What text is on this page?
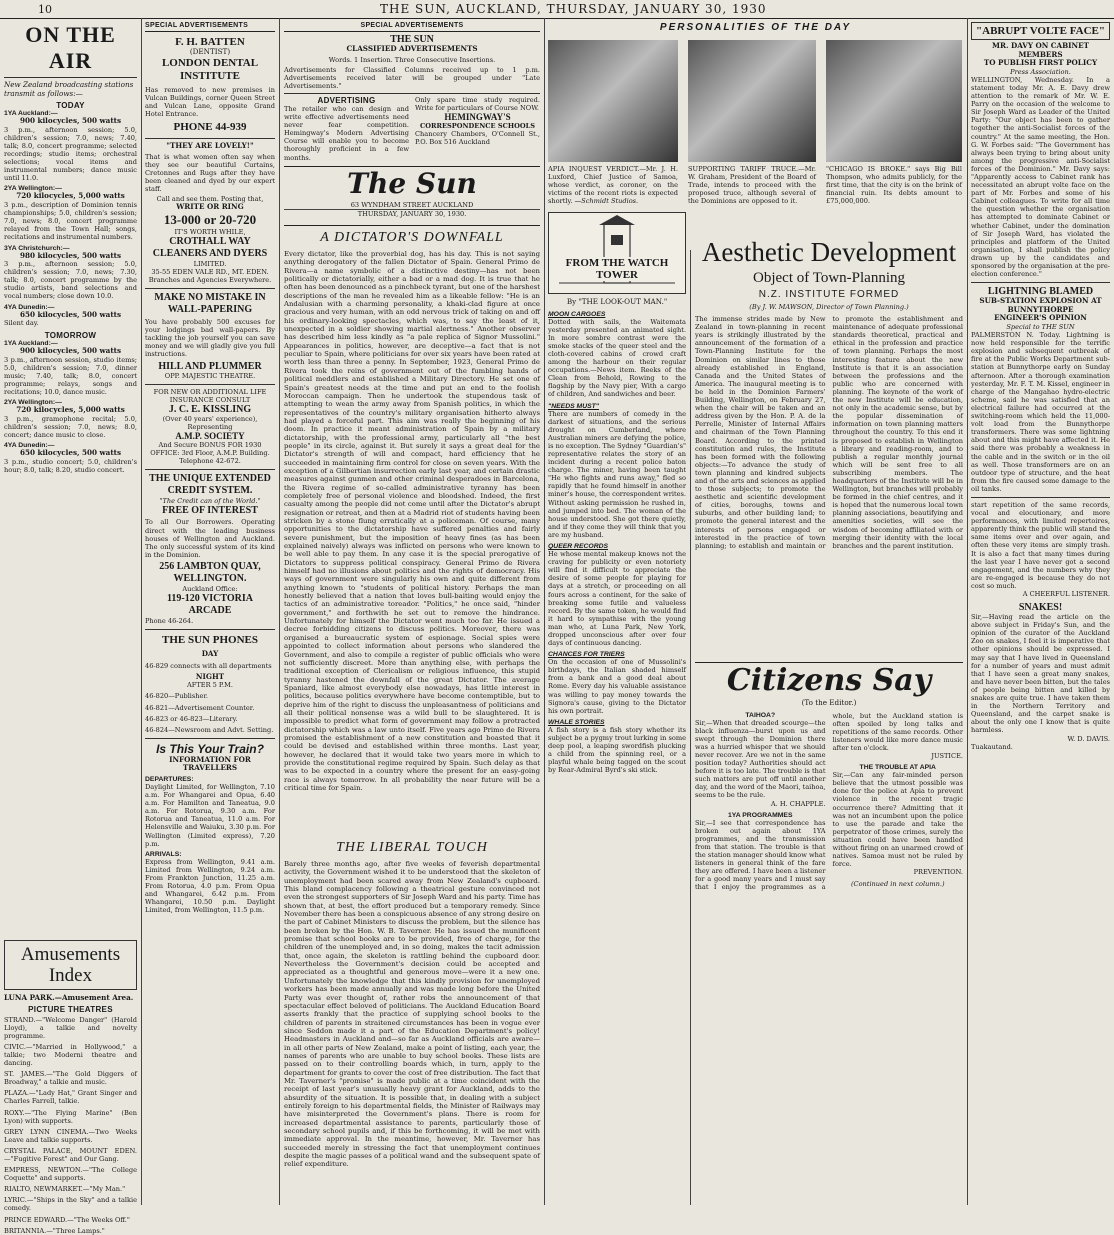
10	THE SUN, AUCKLAND, THURSDAY, JANUARY 30, 1930
ON THE AIR
New Zealand broadcasting stations transmit as follows:—
TODAY
1YA Auckland:—
900 kilocycles, 500 watts
3 p.m., afternoon session; 5.0, children's session; 7.0, news; 7.40, talk; 8.0, concert programme; selected recordings; studio items; orchestral selections; vocal items and instrumental numbers; dance music until 11.0.
2YA Wellington:—
720 kilocycles, 5,000 watts
3 p.m., description of Dominion tennis championships; 5.0, children's session; 7.0, news; 8.0, concert programme relayed from the Town Hall; songs, recitations and instrumental numbers.
3YA Christchurch:—
980 kilocycles, 500 watts
3 p.m., afternoon session; 5.0, children's session; 7.0, news; 7.30, talk; 8.0, concert programme by the studio artists, band selections and vocal numbers; close down 10.0.
4YA Dunedin:—
650 kilocycles, 500 watts
Silent day.
TOMORROW
1YA Auckland:—
900 kilocycles, 500 watts
3 p.m., afternoon session, studio items; 5.0, children's session; 7.0, dinner music; 7.40, talk; 8.0, concert programme; relays, songs and recitations; 10.0, dance music.
2YA Wellington:—
720 kilocycles, 5,000 watts
3 p.m., gramophone recital; 5.0, children's session; 7.0, news; 8.0, concert; dance music to close.
4YA Dunedin:—
650 kilocycles, 500 watts
3 p.m., studio concert; 5.0, children's hour; 8.0, talk; 8.20, studio concert.
Amusements Index
LUNA PARK.—Amusement Area.
PICTURE THEATRES
STRAND.—"Welcome Danger" (Harold Lloyd), a talkie and novelty programme.
CIVIC.—"Married in Hollywood," a talkie; two Moderni theatre and dancing.
ST. JAMES.—"The Gold Diggers of Broadway," a talkie and music.
PLAZA.—"Lady Hat," Grant Singer and Charles Farrell, talkie.
ROXY.—"The Flying Marine" (Ben Lyon) with supports.
GREY LYNN CINEMA.—Two Weeks Leave and talkie supports.
CRYSTAL PALACE, MOUNT EDEN.—"Fugitive Forest" and Our Gang.
EMPRESS, NEWTON.—"The College Coquette" and supports.
RIALTO, NEWMARKET.—"My Man."
LYRIC.—"Ships in the Sky" and a talkie comedy.
PRINCE EDWARD.—"The Weeks Off."
BRITANNIA.—"Three Lamps."
SPECIAL ADVERTISEMENTS
F. H. BATTEN
(DENTIST)
LONDON DENTAL INSTITUTE
Has removed to new premises in Vulcan Buildings, corner Queen Street and Vulcan Lane, opposite Grand Hotel Entrance.
PHONE 44-939
"THEY ARE LOVELY!"
That is what women often say when they see our beautiful Curtains, Cretonnes and Rugs after they have been cleaned and dyed by our expert staff.
Call and see them. Posting that,
WRITE OR RING
13-000 or 20-720
IT'S WORTH WHILE,
CROTHALL WAY CLEANERS AND DYERS
LIMITED.
35-55 EDEN VALE RD., MT. EDEN. Branches and Agencies Everywhere.
MAKE NO MISTAKE IN WALL-PAPERING
You have probably 500 excuses for your lodgings bad wall-papers. By tackling the job yourself you can save money and we will gladly give you full instructions.
HILL AND PLUMMER
OPP. MAJESTIC THEATRE.
FOR NEW OR ADDITIONAL LIFE INSURANCE CONSULT
J. C. E. KISSLING
(Over 40 years' experience), Representing
A.M.P. SOCIETY
And Secure BONUS FOR 1930
OFFICE: 3rd Floor, A.M.P. Building. Telephone 42-672.
THE UNIQUE EXTENDED CREDIT SYSTEM.
"The Credit can of the World."
FREE OF INTEREST
To all Our Borrowers. Operating direct with the leading business houses of Wellington and Auckland. The only successful system of its kind in the Dominion.
256 LAMBTON QUAY, WELLINGTON.
Auckland Office:
119-120 VICTORIA ARCADE
Phone 46-264.
THE SUN PHONES
DAY
46-829 connects with all departments
NIGHT
AFTER 5 P.M.
46-820—Publisher.
46-821—Advertisement Counter.
46-823 or 46-823—Literary.
46-824—Newsroom and Advt. Setting.
Is This Your Train?
INFORMATION FOR TRAVELLERS
DEPARTURES:
Daylight Limited, for Wellington, 7.10 a.m. For Whangarei and Opua, 6.40 a.m. For Hamilton and Taneatua, 9.0 a.m. For Rotorua, 9.30 a.m. For Rotorua and Taneatua, 11.0 a.m. For Helensville and Waiuku, 3.30 p.m. For Wellington (Limited express), 7.20 p.m.
ARRIVALS:
Express from Wellington, 9.41 a.m. Limited from Wellington, 9.24 a.m. From Frankton Junction, 11.25 a.m. From Rotorua, 4.0 p.m. From Opua and Whangarei, 6.42 p.m. From Whangarei, 10.50 p.m. Daylight Limited, from Wellington, 11.5 p.m.
SPECIAL ADVERTISEMENTS
THE SUN
CLASSIFIED ADVERTISEMENTS
Words. 1 Insertion. Three Consecutive Insertions.
Advertisements for Classified Columns received up to 1 p.m. Advertisements received later will be grouped under "Late Advertisements."
ADVERTISING
The retailer who can design and write effective advertisements need never fear competition. Hemingway's Modern Advertising Course will enable you to become thoroughly proficient in a few months.
Only spare time study required. Write for particulars of Course NOW.
HEMINGWAY'S
CORRESPONDENCE SCHOOLS
Chancery Chambers, O'Connell St., P.O. Box 516 Auckland
The Sun
63 WYNDHAM STREET AUCKLAND
THURSDAY, JANUARY 30, 1930.
A DICTATOR'S DOWNFALL
Every dictator, like the proverbial dog, has his day. This is not saying anything derogatory of the fallen Dictator of Spain. General Primo de Rivera—a name symbolic of a distinctive destiny—has not been politically or dictatorially, either a bad or a mad dog. It is true that he often has been denounced as a pinchbeck tyrant, but one of the harshest descriptions of the man he revealed him as a likeable fellow: "He is an Andalusian with a charming personality, a khaki-clad figure at once gracious and very human, with an odd nervous trick of taking on and off his ordinary-looking spectacles, which was, to say the least of it, unexpected in a soldier showing martial alertness." Another observer has described him less kindly as "a pale replica of Signor Mussolini." Appearances in politics, however, are deceptive—a fact that is not peculiar to Spain, where politicians for over six years have been rated at worth less than three a penny. In September, 1923, General Primo de Rivera took the reins of government out of the fumbling hands of political meddlers and established a Military Directory. He set one of Spain's greatest needs at the time and put an end to the foolish Moroccan campaign. Then he undertook the stupendous task of attempting to wean the army away from Spanish politics, in which the representatives of the country's military organisation hitherto always had played a forceful part. This aim was really the beginning of his doom. In practice it meant administration of Spain by a military dictatorship, with the professional army, particularly all "the best people" in its circle, against it. But surely it says a great deal for the Dictator's strength of will and compact, hard efficiency that he succeeded in maintaining firm control for close on seven years. With the exception of a Gilbertian insurrection early last year, and certain drastic measures against gunmen and other criminal desperadoes in Barcelona, the Rivera regime of so-called administrative tyranny has been completely free of personal violence and bloodshed. Indeed, the first casualty among the people did not come until after the Dictator's abrupt resignation or retreat, and then at a Madrid riot of students having been stricken by a stone flung erratically at a policeman. Of course, many opportunities to the dictatorship have suffered penalties and fairly severe punishment, but the imposition of heavy fines (as has been explained naively) always was inflicted on persons who were known to be well able to pay them. In any case it is the special prerogative of Dictators to suppress political conspiracy. General Primo de Rivera himself had no illusions about politics and the rights of democracy. His ways of government were singularly his own and quite different from anything known to "students of political history. Perhaps the man honestly believed that a nation that loves bull-baiting would enjoy the tactics of an administrative toreador. "Politics," he once said, "hinder government," and forthwith he set out to remove the hindrance. Unfortunately for himself the Dictator went much too far. He issued a decree forbidding citizens to discuss politics. Moreover, there was organised a bureaucratic system of espionage. Social spies were appointed to collect information about persons who slandered the Government, and also to compile a register of public officials who were not sufficiently discreet. More than anything else, with perhaps the traditional exception of Clericalism or religious influence, this stupid tyranny hastened the downfall of the great Dictator. The average Spaniard, like almost everybody else nowadays, has little interest in politics, because politics everywhere have become contemptible, but to deprive him of the right to discuss the unpleasantness of politicians and all their political nonsense was a wild bull to be slaughtered. It is impossible to predict what form of government may follow a protracted dictatorship which was a law unto itself. Five years ago Primo de Rivera promised the establishment of a new constitution and boasted that it could be devised and established within three months. Last year, however, he declared that it would take two years more in which to provide the constitutional regime required by Spain. Such delay as that was to be expected in a country where the present for an easy-going race is always tomorrow. In all probability the near future will be a critical time for Spain.
THE LIBERAL TOUCH
Barely three months ago, after five weeks of feverish departmental activity, the Government wished it to be understood that the skeleton of unemployment had been scared away from New Zealand's cupboard. This bland complacency following a theatrical gesture convinced not even the strongest supporters of Sir Joseph Ward and his party. Time has shown that, at best, the effort produced but a temporary remedy. Since November there has been a conspicuous absence of any strong desire on the part of Cabinet Ministers to discuss the problem, but the silence has been broken by the Hon. W. B. Taverner. He has issued the munificent promise that school books are to be provided, free of charge, for the children of the unemployed and, in so doing, makes the tacit admission that, once again, the skeleton is rattling behind the cupboard door. Nevertheless the Government's decision could be accepted and appreciated as a thoughtful and generous move—were it a new one. Unfortunately the knowledge that this kindly provision for unemployed workers has been made annually and was made long before the United Party was ever thought of, rather robs the announcement of that spectacular effect beloved of politicians. The Auckland Education Board asserts frankly that the practice of supplying school books to the children of parents in straitened circumstances has been in vogue ever since Seddon made it a part of the Education Department's policy! Headmasters in Auckland and—so far as Auckland officials are aware—in all other parts of New Zealand, make a point of listing, each year, the names of parents who are unable to buy school books. These lists are passed on to their controlling boards which, in turn, apply to the department for grants to cover the cost of free distribution. The fact that Mr. Taverner's "promise" is made public at a time coincident with the receipt of last year's unusually heavy grant for Auckland, adds to the absurdity of the situation. It is possible that, in dealing with a subject entirely foreign to his departmental fields, the Minister of Railways may have misinterpreted the Government's plans. There is room for increased departmental assistance to parents, particularly those of secondary school pupils and, if this be forthcoming, it will be met with immediate approval. In the meantime, however, Mr. Taverner has succeeded merely in stressing the fact that unemployment continues despite the magic passes of a political wand and the subsequent spate of relief expenditure.
PERSONALITIES OF THE DAY
APIA INQUEST VERDICT.—Mr. J. H. Luxford, Chief Justice of Samoa, whose verdict, as coroner, on the victims of the recent riots is expected shortly. —Schmidt Studios.
SUPPORTING TARIFF TRUCE.—Mr. W. Graham, President of the Board of Trade, intends to proceed with the proposed truce, although several of the Dominions are opposed to it.
"CHICAGO IS BROKE." says Big Bill Thompson, who admits publicly, for the first time, that the city is on the brink of financial ruin. Its debts amount to £75,000,000.
FROM THE WATCH TOWER
By "THE LOOK-OUT MAN."
MOON CARGOES
Dotted with sails, the Waitemata yesterday presented an animated sight. In more sombre contrast were the smoke stacks of the queer steel and the cloth-covered cabins of crowd craft among the harbour on their regular occupations.—News item. Reeks of the Clean from Behold, Rowing to the flagship by the Navy pier, With a cargo of children, And sandwiches and beer.
"NEEDS MUST"
There are numbers of comedy in the darkest of situations, and the serious drought on Cumberland, where Australian miners are defying the police, is no exception. The Sydney "Guardian's" representative relates the story of an incident during a recent police baton charge. The miner, having been taught "He who fights and runs away," fled so rapidly that he found himself in another miner's house, the correspondent writes. Without asking permission he rushed in, and jumped into bed. The woman of the house understood. She got there quietly, and if they come they will think that you are my husband.
QUEER RECORDS
He whose mental makeup knows not the craving for publicity or even notoriety will find it difficult to appreciate the desire of some people for playing for days at a stretch, or proceeding on all fours across a continent, for the sake of breaking some futile and valueless record. By the same token, he would find it hard to sympathise with the young man who, at Luna Park, New York, dropped unconscious after over four days of continuous dancing.
CHANCES FOR TRIERS
On the occasion of one of Mussolini's birthdays, the Italian shaded himself from a bank and a good deal about Rome. Every day his valuable assistance was willing to pay money towards the Signora's cause, giving to the Dictator his own portrait.
WHALE STORIES
A fish story is a fish story whether its subject be a pygmy trout lurking in some deep pool, a leaping swordfish plucking a child from the spinning reel, or a playful whale being tagged on the scout by Rear-Admiral Byrd's ski stick.
Aesthetic Development
Object of Town-Planning
N.Z. INSTITUTE FORMED
(By J. W. MAWSON, Director of Town Planning.)
The immense strides made by New Zealand in town-planning in recent years is strikingly illustrated by the announcement of the formation of a Town-Planning Institute for the Dominion on similar lines to those already established in England, Canada and the United States of America. The inaugural meeting is to be held in the Dominion Farmers' Building, Wellington, on February 27, when the chair will be taken and an address given by the Hon. P. A. de la Perrelle, Minister of Internal Affairs and chairman of the Town Planning Board. According to the printed constitution and rules, the Institute has been formed with the following objects:—To advance the study of town planning and kindred subjects and of the arts and sciences as applied to those subjects; to promote the aesthetic and scientific development of cities, boroughs, towns and suburbs, and other building land; to promote the general interest and the interests of persons engaged or interested in the practice of town planning; to establish and maintain or to promote the establishment and maintenance of adequate professional standards theoretical, practical and ethical in the profession and practice of town planning. Perhaps the most interesting feature about the new Institute is that it is an association between the professions and the public who are concerned with planning. The keynote of the work of the new Institute will be education, not only in the academic sense, but by the popular dissemination of information on town planning matters throughout the country. To this end it is proposed to establish in Wellington a library and reading-room, and to publish a regular monthly journal which will be sent free to all subscribing members. The headquarters of the Institute will be in Wellington, but branches will probably be formed in the chief centres, and it is hoped that the numerous local town planning associations, beautifying and amenities societies, will see the wisdom of becoming affiliated with or merging their identity with the local branches and the parent institution.
Citizens Say
(To the Editor.)
TAIHOA?
Sir,—When that dreaded scourge—the black influenza—burst upon us and swept through the Dominion there was a hurried whisper that we should never recover. Are we not in the same position today? Authorities should act before it is too late. The trouble is that such matters are put off until another day, and the word of the Maori, taihoa, seems to be the rule.
A. H. CHAPPLE.
1YA PROGRAMMES
Sir,—I see that correspondence has broken out again about 1YA programmes, and the transmission from that station. The trouble is that the station manager should know what listeners in general think of the fare they are offered. I have been a listener for a good many years and I must say that I enjoy the programmes as a whole, but the Auckland station is often spoiled by long talks and repetitions of the same records. Other listeners would like more dance music after ten o'clock.
JUSTICE.
THE TROUBLE AT APIA
Sir,—Can any fair-minded person believe that the utmost possible was done for the police at Apia to prevent violence in the recent tragic occurrence there? Admitting that it was not an incumbent upon the police to use the parade and take the perpetrator of those crimes, surely the situation could have been handled without firing on an unarmed crowd of natives. Samoa must not be ruled by force.
PREVENTION.
(Continued in next column.)
"ABRUPT VOLTE FACE"
MR. DAVY ON CABINET MEMBERS
TO PUBLISH FIRST POLICY
Press Association.
WELLINGTON, Wednesday. In a statement today Mr. A. E. Davy drew attention to the remark of Mr. W. E. Parry on the occasion of the welcome to Sir Joseph Ward as Leader of the United Party: "Our object has been to gather together the anti-Socialist forces of the country." At the same meeting, the Hon. G. W. Forbes said: "The Government has always been trying to bring about unity among the progressive anti-Socialist forces of the Dominion." Mr. Davy says: "Apparently access to Cabinet rank has necessitated an abrupt volte face on the part of Mr. Forbes and some of his Cabinet colleagues. To write for all time the question whether the organisation has attempted to dominate Cabinet or whether Cabinet, under the domination of Sir Joseph Ward, has violated the principles and platform of the United organisation, I shall publish the policy drawn up by the candidates and sponsored by the organisation at the pre-election conference."
LIGHTNING BLAMED
SUB-STATION EXPLOSION AT BUNNYTHORPE
ENGINEER'S OPINION
Special to THE SUN
PALMERSTON N. Today. Lightning is now held responsible for the terrific explosion and subsequent outbreak of fire at the Public Works Department sub-station at Bunnythorpe early on Sunday afternoon. After a thorough examination yesterday, Mr. F. T. M. Kissel, engineer in charge of the Mangahao hydro-electric scheme, said he was satisfied that an electrical failure had occurred at the switching-room which held the 11,000-volt load from the Bunnythorpe transformers. There was some lightning about and this might have affected it. He said there was probably a weakness in the cable and in the switch or in the oil as well. Those transformers are on an outdoor type of structure, and the heat from the fire caused some damage to the oil tanks.
start repetition of the same records, vocal and elocutionary, and more performances, with limited repertoires, apparently think the public will stand the same items over and over again, and often these very items are simply trash. It is also a fact that many times during the last year I have never got a second engagement, and the numbers why they are re-engaged is because they do not cost so much.
A CHEERFUL LISTENER.
SNAKES!
Sir,—Having read the article on the above subject in Friday's Sun, and the opinion of the curator of the Auckland Zoo on snakes, I feel it is imperative that other opinions should be expressed. I may say that I have lived in Queensland for a number of years and must admit that I have seen a great many snakes, and have never been bitten, but the tales of people being bitten and killed by snakes are quite true. I have taken them in the Northern Territory and Queensland, and the carpet snake is about the only one I know that is quite harmless.
W. D. DAVIS.
Tuakautand.
